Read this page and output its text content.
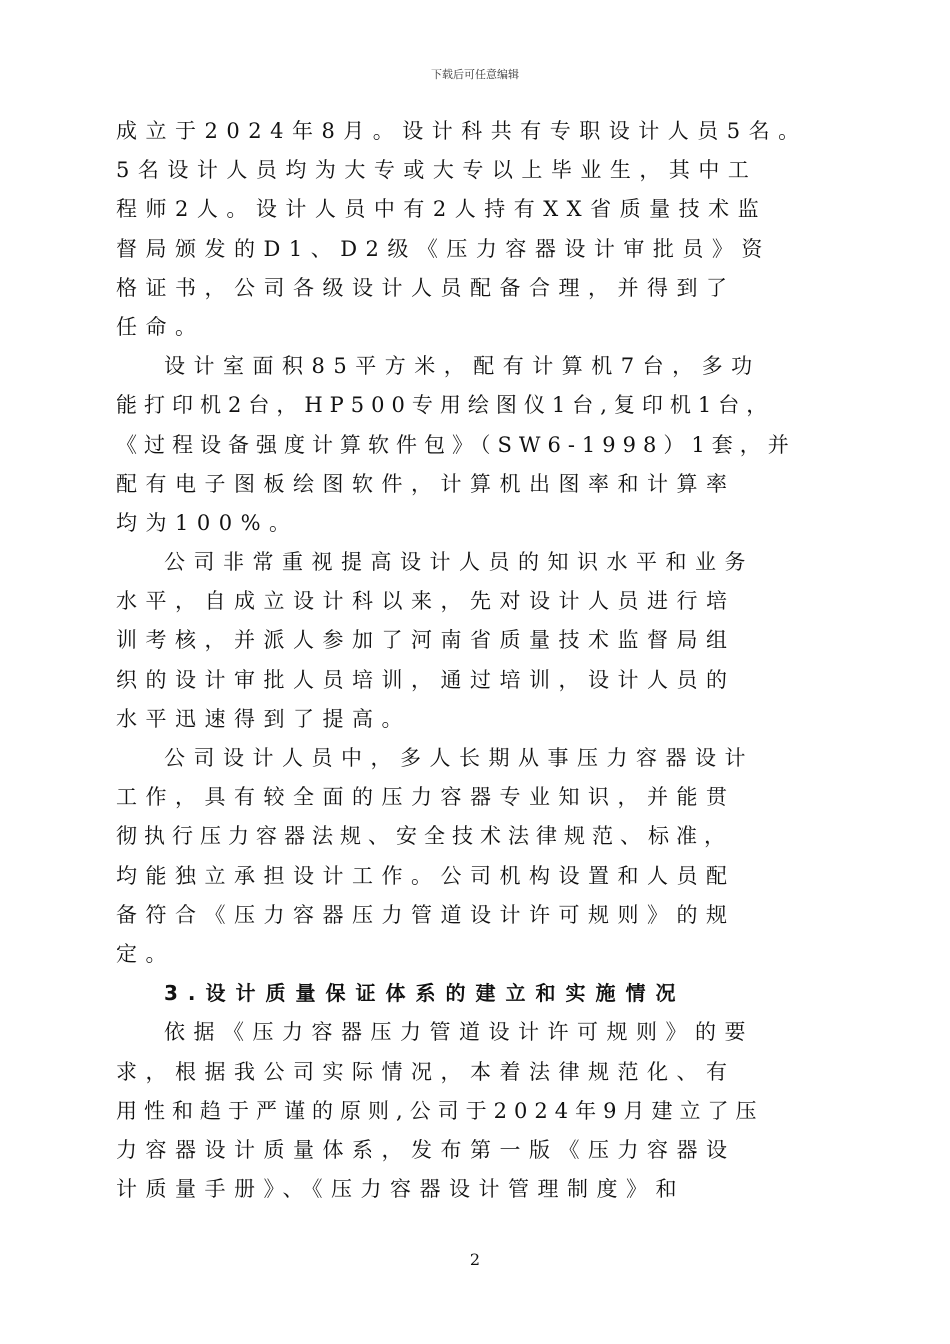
下载后可任意编辑
成立于2024年8月。设计科共有专职设计人员5名。
5名设计人员均为大专或大专以上毕业生，其中工
程师2人。设计人员中有2人持有XX省质量技术监
督局颁发的D1、D2级《压力容器设计审批员》资
格证书，公司各级设计人员配备合理，并得到了
任命。
设计室面积85平方米，配有计算机7台，多功
能打印机2台，HP500专用绘图仪1台,复印机1台，
《过程设备强度计算软件包》（SW6-1998）1套，并
配有电子图板绘图软件，计算机出图率和计算率
均为100%。
公司非常重视提高设计人员的知识水平和业务
水平，自成立设计科以来，先对设计人员进行培
训考核，并派人参加了河南省质量技术监督局组
织的设计审批人员培训，通过培训，设计人员的
水平迅速得到了提高。
公司设计人员中，多人长期从事压力容器设计
工作，具有较全面的压力容器专业知识，并能贯
彻执行压力容器法规、安全技术法律规范、标准，
均能独立承担设计工作。公司机构设置和人员配
备符合《压力容器压力管道设计许可规则》的规
定。
3.设计质量保证体系的建立和实施情况
依据《压力容器压力管道设计许可规则》的要
求，根据我公司实际情况，本着法律规范化、有
用性和趋于严谨的原则,公司于2024年9月建立了压
力容器设计质量体系，发布第一版《压力容器设
计质量手册》、《压力容器设计管理制度》和
2
